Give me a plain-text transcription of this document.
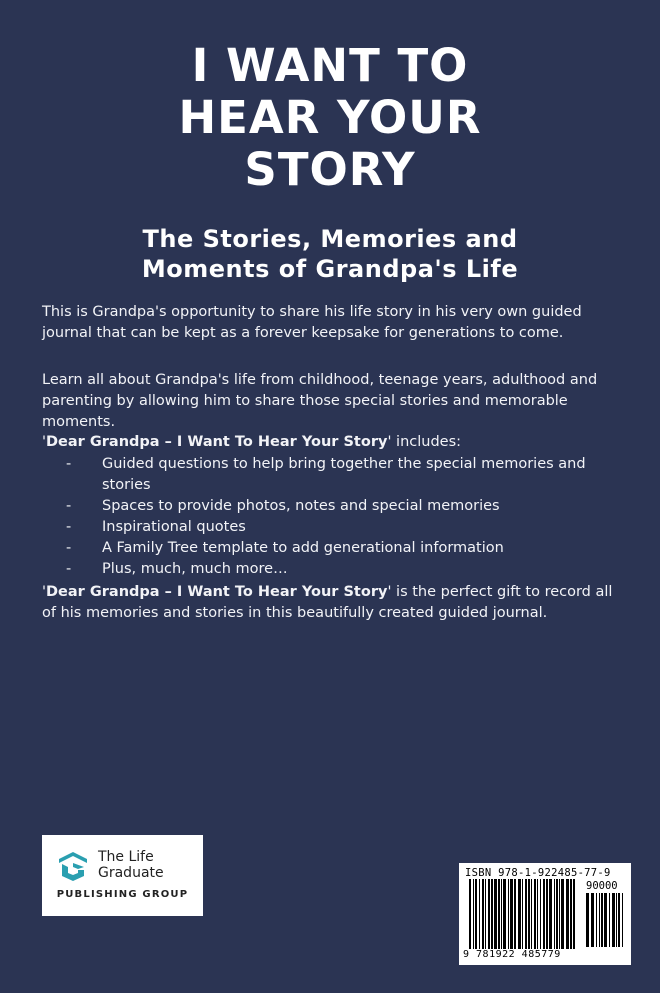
I WANT TO
HEAR YOUR
STORY
The Stories, Memories and
Moments of Grandpa's Life

This is Grandpa's opportunity to share his life story in his very own guided journal that can be kept as a forever keepsake for generations to come.

Learn all about Grandpa's life from childhood, teenage years, adulthood and parenting by allowing him to share those special stories and memorable moments.

'Dear Grandpa – I Want To Hear Your Story' includes:

- Guided questions to help bring together the special memories and stories
- Spaces to provide photos, notes and special memories
- Inspirational quotes
- A Family Tree template to add generational information
- Plus, much, much more…

'Dear Grandpa – I Want To Hear Your Story' is the perfect gift to record all of his memories and stories in this beautifully created guided journal.

The Life
Graduate
PUBLISHING GROUP
ISBN 978-1-922485-77-9
90000
9 781922 485779
